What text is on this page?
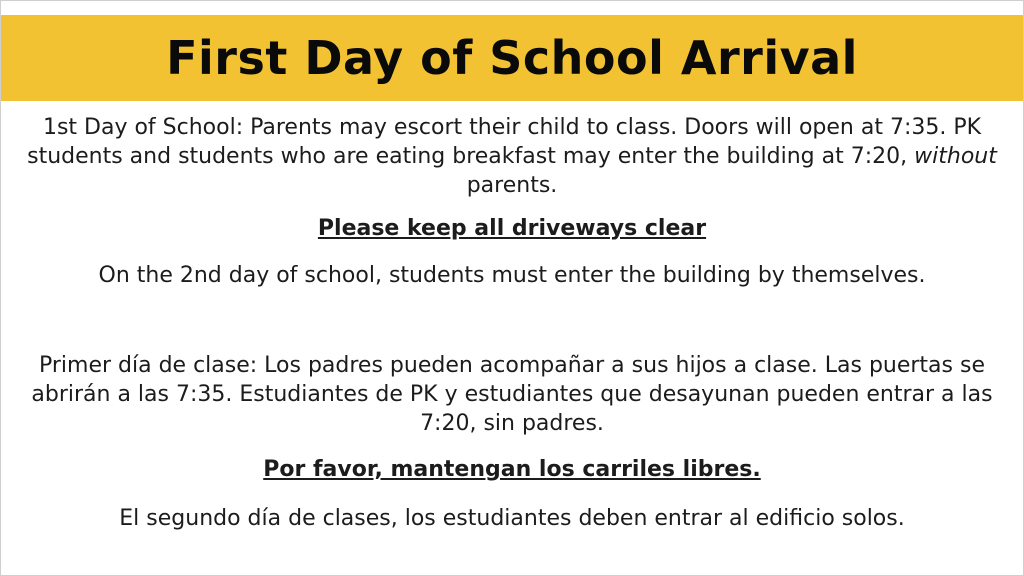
First Day of School Arrival

1st Day of School: Parents may escort their child to class. Doors will open at 7:35. PK students and students who are eating breakfast may enter the building at 7:20, without parents.

Please keep all driveways clear

On the 2nd day of school, students must enter the building by themselves.

Primer día de clase: Los padres pueden acompañar a sus hijos a clase. Las puertas se abrirán a las 7:35. Estudiantes de PK y estudiantes que desayunan pueden entrar a las 7:20, sin padres.

Por favor, mantengan los carriles libres.

El segundo día de clases, los estudiantes deben entrar al edificio solos.
